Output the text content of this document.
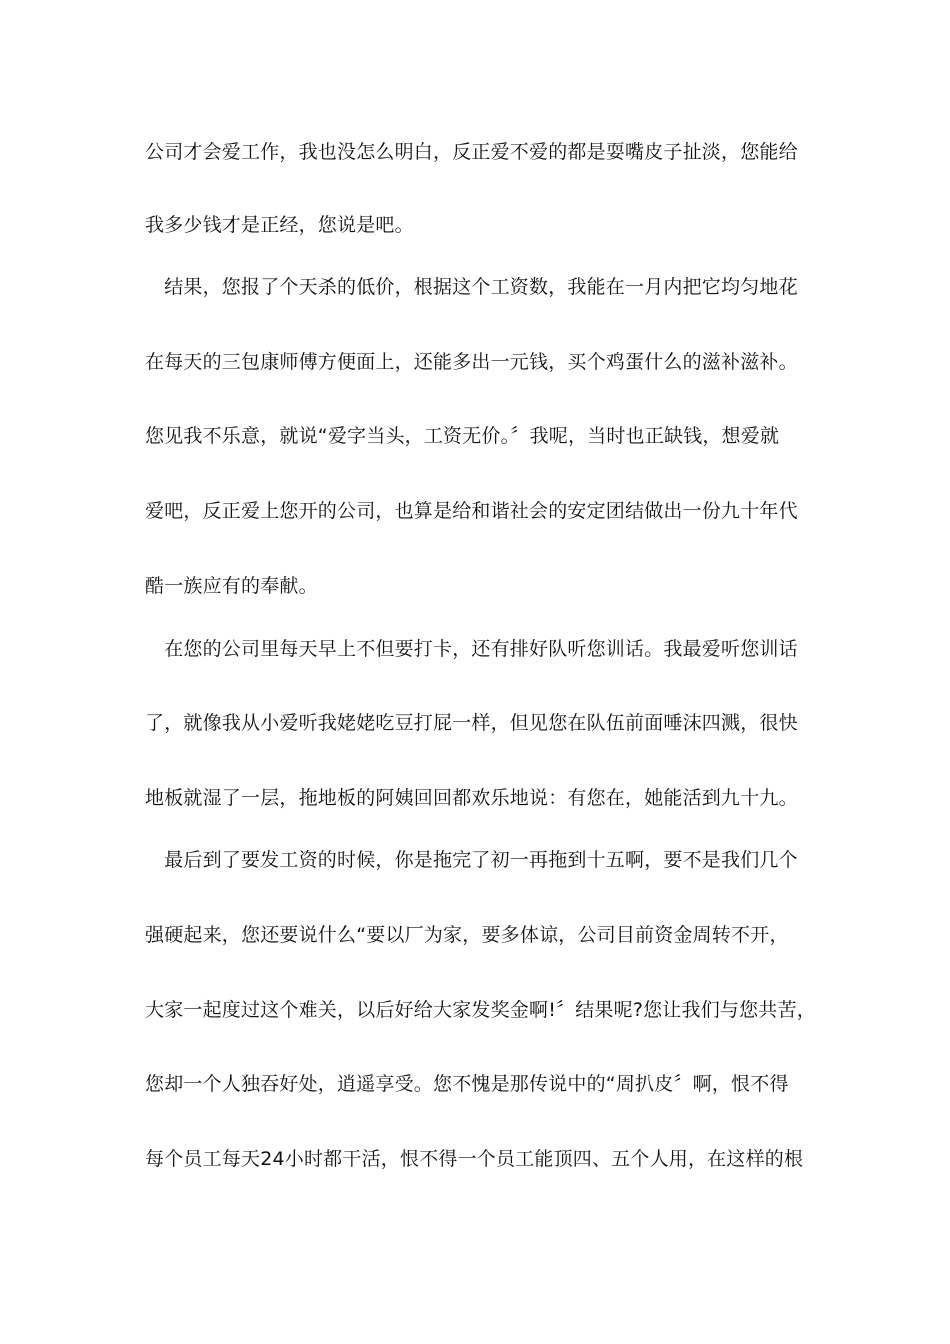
公司才会爱工作，我也没怎么明白，反正爱不爱的都是耍嘴皮子扯淡，您能给
我多少钱才是正经，您说是吧。
　结果，您报了个天杀的低价，根据这个工资数，我能在一月内把它均匀地花
在每天的三包康师傅方便面上，还能多出一元钱，买个鸡蛋什么的滋补滋补。
您见我不乐意，就说“爱字当头，工资无价。〞我呢，当时也正缺钱，想爱就
爱吧，反正爱上您开的公司，也算是给和谐社会的安定团结做出一份九十年代
酷一族应有的奉献。
　在您的公司里每天早上不但要打卡，还有排好队听您训话。我最爱听您训话
了，就像我从小爱听我姥姥吃豆打屁一样，但见您在队伍前面唾沫四溅，很快
地板就湿了一层，拖地板的阿姨回回都欢乐地说：有您在，她能活到九十九。
　最后到了要发工资的时候，你是拖完了初一再拖到十五啊，要不是我们几个
强硬起来，您还要说什么“要以厂为家，要多体谅，公司目前资金周转不开，
大家一起度过这个难关，以后好给大家发奖金啊!〞结果呢?您让我们与您共苦，
您却一个人独吞好处，逍遥享受。您不愧是那传说中的“周扒皮〞啊，恨不得
每个员工每天24小时都干活，恨不得一个员工能顶四、五个人用，在这样的根
